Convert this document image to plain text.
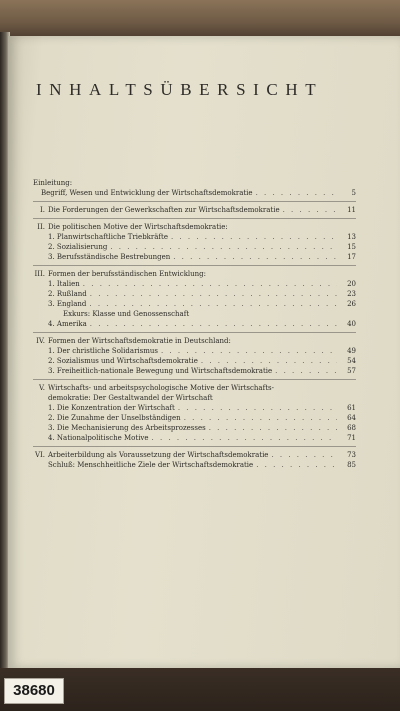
INHALTSÜBERSICHT
Einleitung:
Begriff, Wesen und Entwicklung der Wirtschaftsdemokratie . . .	5
I. Die Forderungen der Gewerkschaften zur Wirtschaftsdemokratie . . .	11
II. Die politischen Motive der Wirtschaftsdemokratie:
1. Planwirtschaftliche Triebkräfte . . .	13
2. Sozialisierung . . .	15
3. Berufsständische Bestrebungen . . .	17
III. Formen der berufsständischen Entwicklung:
1. Italien . . .	20
2. Rußland . . .	23
3. England . . .	26
Exkurs: Klasse und Genossenschaft
4. Amerika . . .	40
IV. Formen der Wirtschaftsdemokratie in Deutschland:
1. Der christliche Solidarismus . . .	49
2. Sozialismus und Wirtschaftsdemokratie . . .	54
3. Freiheitlich-nationale Bewegung und Wirtschaftsdemokratie . . .	57
V. Wirtschafts- und arbeitspsychologische Motive der Wirtschafts-
demokratie: Der Gestaltwandel der Wirtschaft
1. Die Konzentration der Wirtschaft . . .	61
2. Die Zunahme der Unselbständigen . . .	64
3. Die Mechanisierung des Arbeitsprozesses . . .	68
4. Nationalpolitische Motive . . .	71
VI. Arbeiterbildung als Voraussetzung der Wirtschaftsdemokratie . . .	73
Schluß: Menschheitliche Ziele der Wirtschaftsdemokratie . . .	85
38680
